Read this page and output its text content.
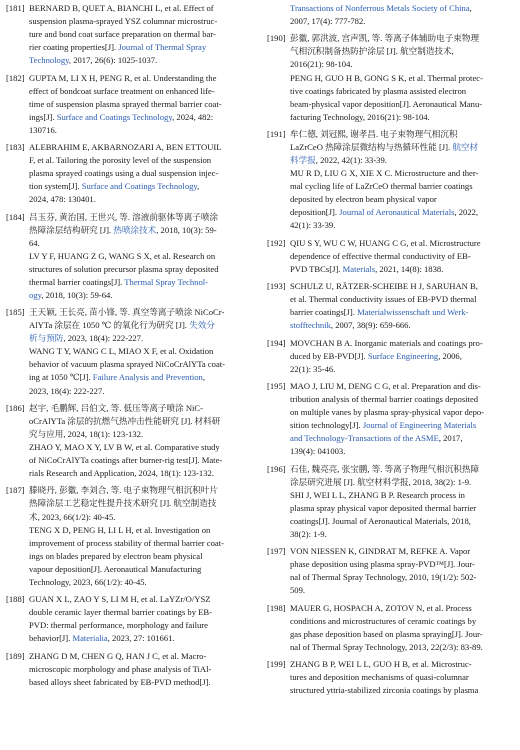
[181] BERNARD B, QUET A, BIANCHI L, et al. Effect of
suspension plasma-sprayed YSZ columnar microstruc-
ture and bond coat surface preparation on thermal bar-
rier coating properties[J]. Journal of Thermal Spray
Technology, 2017, 26(6): 1025-1037.
[182] GUPTA M, LI X H, PENG R, et al. Understanding the
effect of bondcoat surface treatment on enhanced life-
time of suspension plasma sprayed thermal barrier coat-
ings[J]. Surface and Coatings Technology, 2024, 482:
130716.
[183] ALEBRAHIM E, AKBARNOZARI A, BEN ETTOUIL
F, et al. Tailoring the porosity level of the suspension
plasma sprayed coatings using a dual suspension injec-
tion system[J]. Surface and Coatings Technology,
2024, 478: 130401.
[184] 吕玉芬, 黄治国, 王世兴, 等. 溶液前驱体等离子喷涂
热障涂层结构研究 [J]. 热喷涂技术, 2018, 10(3): 59-
64.
LV Y F, HUANG Z G, WANG S X, et al. Research on
structures of solution precursor plasma spray deposited
thermal barrier coatings[J]. Thermal Spray Technol-
ogy, 2018, 10(3): 59-64.
[185] 王天颖, 王长亮, 苗小锋, 等. 真空等离子喷涂 NiCoCr-
AlYTa 涂层在 1050 ℃ 的氧化行为研究 [J]. 失效分
析与预防, 2023, 18(4): 222-227.
WANG T Y, WANG C L, MIAO X F, et al. Oxidation
behavior of vacuum plasma sprayed NiCoCrAlYTa coat-
ing at 1050 ℃[J]. Failure Analysis and Prevention,
2023, 18(4): 222-227.
[186] 赵宇, 毛鹏辉, 吕伯文, 等. 低压等离子喷涂 NiC-
oCrAlYTa 涂层的抗燃气热冲击性能研究 [J]. 材料研
究与应用, 2024, 18(1): 123-132.
ZHAO Y, MAO X Y, LV B W, et al. Comparative study
of NiCoCrAlYTa coatings after burner-rig test[J]. Mate-
rials Research and Application, 2024, 18(1): 123-132.
[187] 滕晓丹, 彭徽, 李刘合, 等. 电子束物理气相沉积叶片
热障涂层工艺稳定性提升技术研究 [J]. 航空制造技
术, 2023, 66(1/2): 40-45.
TENG X D, PENG H, LI L H, et al. Investigation on
improvement of process stability of thermal barrier coat-
ings on blades prepared by electron beam physical
vapour deposition[J]. Aeronautical Manufacturing
Technology, 2023, 66(1/2): 40-45.
[188] GUAN X L, ZAO Y S, LI M H, et al. LaYZr/O/YSZ
double ceramic layer thermal barrier coatings by EB-
PVD: thermal performance, morphology and failure
behavior[J]. Materialia, 2023, 27: 101661.
[189] ZHANG D M, CHEN G Q, HAN J C, et al. Macro-
microscopic morphology and phase analysis of TiAl-
based alloys sheet fabricated by EB-PVD method[J].
Transactions of Nonferrous Metals Society of China,
2007, 17(4): 777-782.
[190] 彭徽, 郭洪波, 宫声凯, 等. 等离子体辅助电子束物理
气相沉积制备热防护涂层 [J]. 航空制造技术,
2016(21): 98-104.
PENG H, GUO H B, GONG S K, et al. Thermal protec-
tive coatings fabricated by plasma assisted electron
beam-physical vapor deposition[J]. Aeronautical Manu-
facturing Technology, 2016(21): 98-104.
[191] 牟仁德, 刘冠熙, 谢孝昌. 电子束物理气相沉积
LaZrCeO 热障涂层微结构与热循环性能 [J]. 航空材
料学报, 2022, 42(1): 33-39.
MU R D, LIU G X, XIE X C. Microstructure and ther-
mal cycling life of LaZrCeO thermal barrier coatings
deposited by electron beam physical vapor
deposition[J]. Journal of Aeronautical Materials, 2022,
42(1): 33-39.
[192] QIU S Y, WU C W, HUANG C G, et al. Microstructure
dependence of effective thermal conductivity of EB-
PVD TBCs[J]. Materials, 2021, 14(8): 1838.
[193] SCHULZ U, RÄTZER-SCHEIBE H J, SARUHAN B,
et al. Thermal conductivity issues of EB-PVD thermal
barrier coatings[J]. Materialwissenschaft und Werk-
stofftechnik, 2007, 38(9): 659-666.
[194] MOVCHAN B A. Inorganic materials and coatings pro-
duced by EB-PVD[J]. Surface Engineering, 2006,
22(1): 35-46.
[195] MAO J, LIU M, DENG C G, et al. Preparation and dis-
tribution analysis of thermal barrier coatings deposited
on multiple vanes by plasma spray-physical vapor depo-
sition technology[J]. Journal of Engineering Materials
and Technology-Transactions of the ASME, 2017,
139(4): 041003.
[196] 石佳, 魏亮亮, 张宝鹏, 等. 等离子物理气相沉积热障
涂层研究进展 [J]. 航空材料学报, 2018, 38(2): 1-9.
SHI J, WEI L L, ZHANG B P. Research process in
plasma spray physical vapor deposited thermal barrier
coatings[J]. Journal of Aeronautical Materials, 2018,
38(2): 1-9.
[197] VON NIESSEN K, GINDRAT M, REFKE A. Vapor
phase deposition using plasma spray-PVD™[J]. Jour-
nal of Thermal Spray Technology, 2010, 19(1/2): 502-
509.
[198] MAUER G, HOSPACH A, ZOTOV N, et al. Process
conditions and microstructures of ceramic coatings by
gas phase deposition based on plasma spraying[J]. Jour-
nal of Thermal Spray Technology, 2013, 22(2/3): 83-89.
[199] ZHANG B P, WEI L L, GUO H B, et al. Microstruc-
tures and deposition mechanisms of quasi-columnar
structured yttria-stabilized zirconia coatings by plasma
